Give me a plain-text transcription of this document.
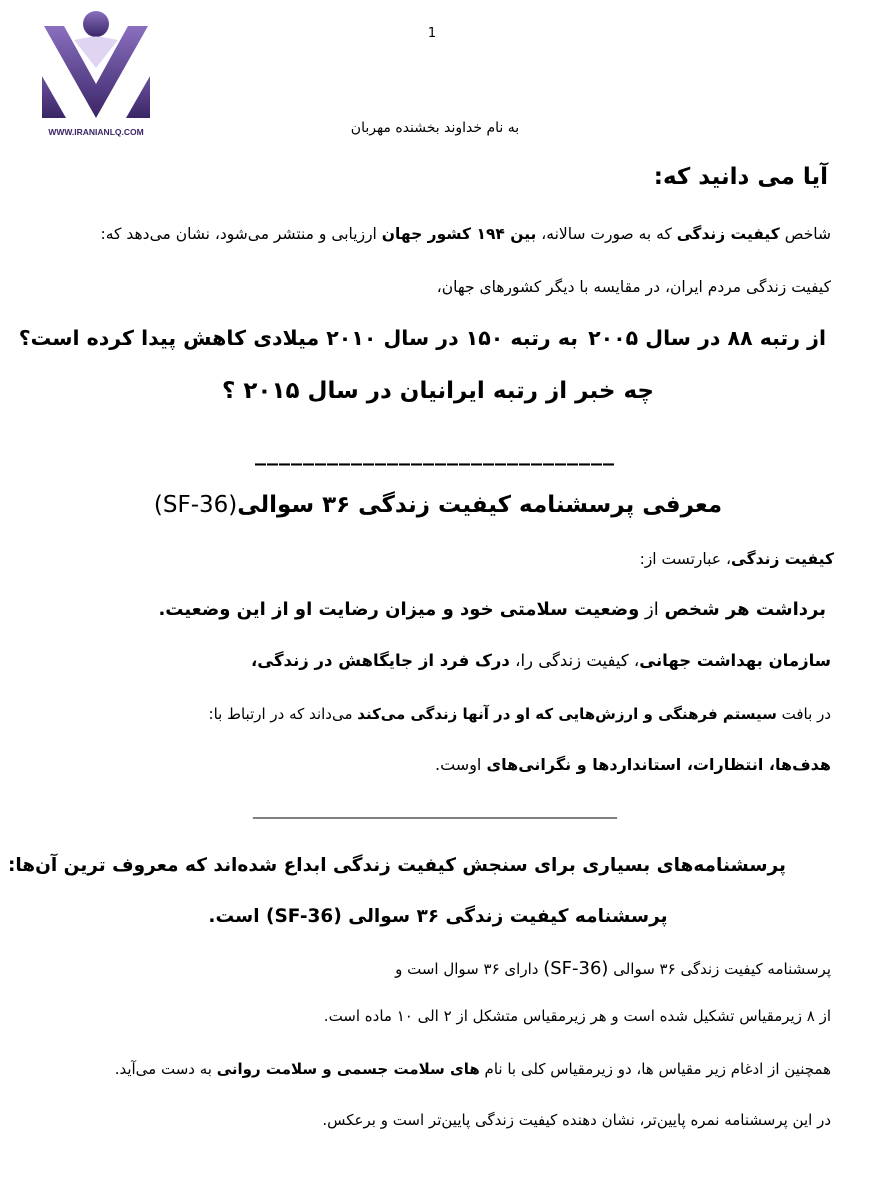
WWW.IRANIANLQ.COM
1
به نام خداوند بخشنده مهربان
آیا می دانید که:
شاخص کیفیت زندگی که به صورت سالانه، بین ۱۹۴ کشور جهان ارزیابی و منتشر می‌شود، نشان می‌دهد که:
کیفیت زندگی مردم ایران، در مقایسه با دیگر کشورهای جهان،
از رتبه ۸۸ در سال ۲۰۰۵
به رتبه ۱۵۰ در سال ۲۰۱۰ میلادی
کاهش پیدا کرده است؟
چه خبر از رتبه ایرانیان در سال ۲۰۱۵ ؟
______________________________
معرفی پرسشنامه کیفیت زندگی ۳۶ سوالی(SF-36)
کیفیت زندگی، عبارتست از:
برداشت هر شخص از وضعیت سلامتی خود و میزان رضایت او از این وضعیت.
سازمان بهداشت جهانی، کیفیت زندگی را، درک فرد از جایگاهش در زندگی،
در بافت سیستم فرهنگی و ارزش‌هایی که او در آنها زندگی می‌کند می‌داند که در ارتباط با:
هدف‌ها، انتظارات، استانداردها و نگرانی‌های اوست.
____________________________________________________
پرسشنامه‌های بسیاری برای سنجش کیفیت زندگی ابداع شده‌اند که معروف ترین آن‌ها:
پرسشنامه کیفیت زندگی ۳۶ سوالی (SF-36) است.
پرسشنامه کیفیت زندگی ۳۶ سوالی (SF-36) دارای ۳۶ سوال است و
از ۸ زیرمقیاس تشکیل شده است و هر زیرمقیاس متشکل از ۲ الی ۱۰ ماده است.
همچنین از ادغام زیر مقیاس ها، دو زیرمقیاس کلی با نام های سلامت جسمی و سلامت روانی به دست می‌آید.
در این پرسشنامه نمره پایین‌تر، نشان دهنده کیفیت زندگی پایین‌تر است و برعکس.
